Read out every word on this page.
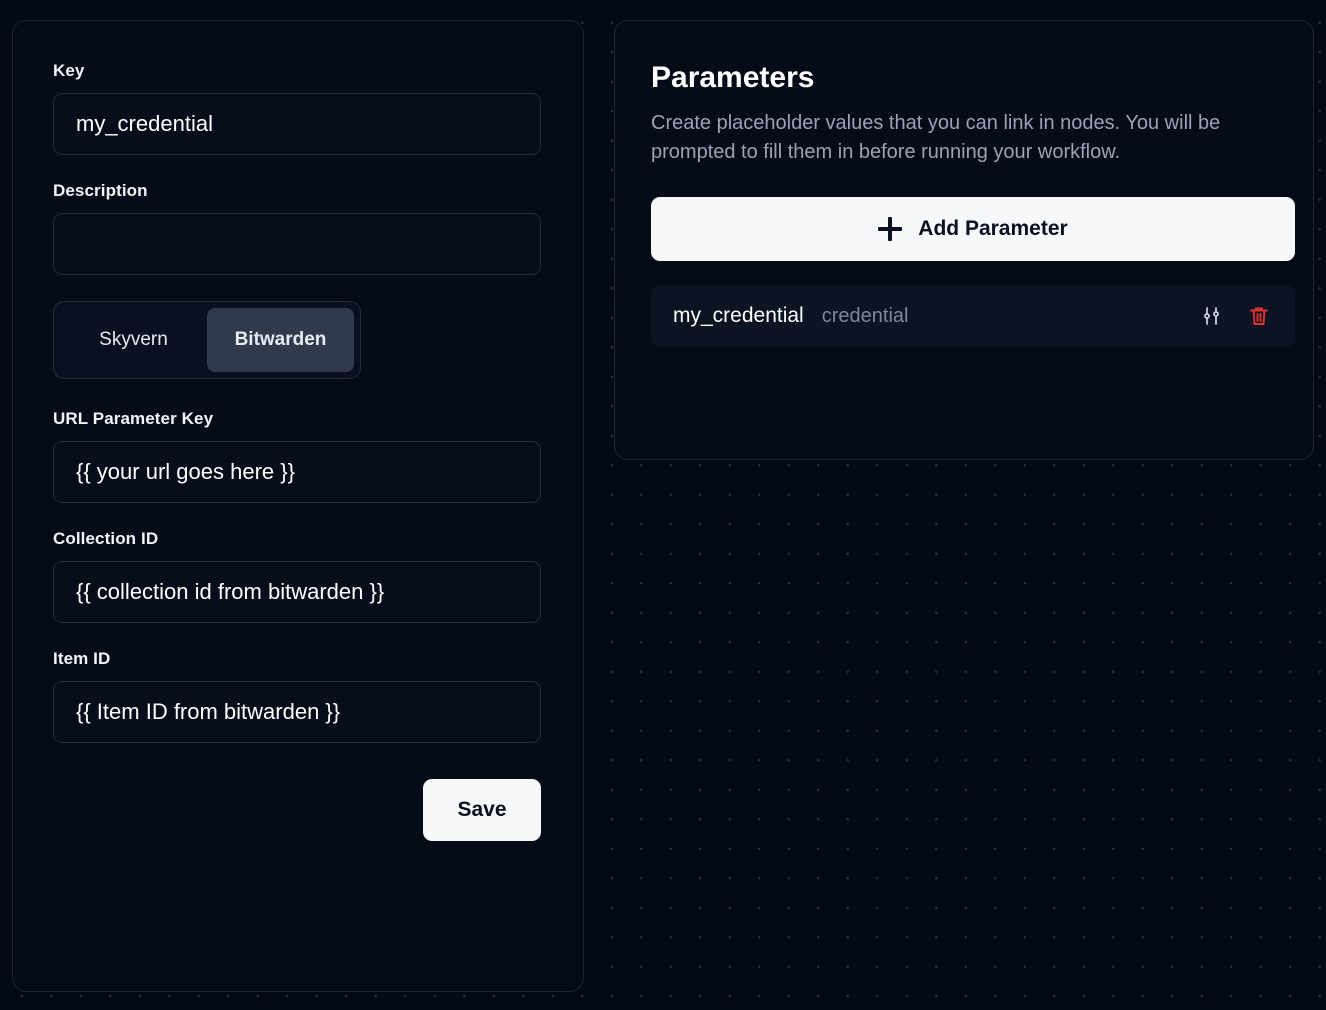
Key
my_credential
Description
Skyvern	Bitwarden
URL Parameter Key
{{ your url goes here }}
Collection ID
{{ collection id from bitwarden }}
Item ID
{{ Item ID from bitwarden }}
Save
Parameters
Create placeholder values that you can link in nodes. You will be prompted to fill them in before running your workflow.
Add Parameter
my_credential credential
